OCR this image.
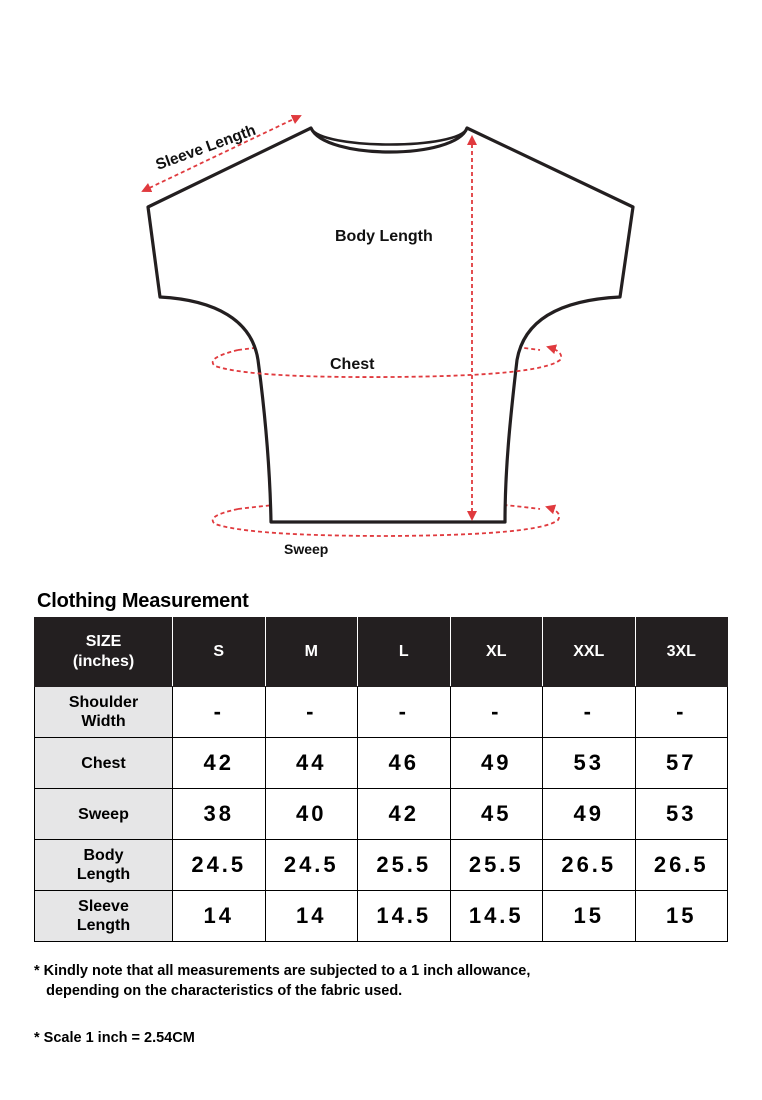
Sleeve Length
Body Length
Chest
Sweep
Clothing Measurement
SIZE
(inches)	S	M	L	XL	XXL	3XL
Shoulder
Width	-	-	-	-	-	-
Chest	42	44	46	49	53	57
Sweep	38	40	42	45	49	53
Body
Length	24.5	24.5	25.5	25.5	26.5	26.5
Sleeve
Length	14	14	14.5	14.5	15	15
* Kindly note that all measurements are subjected to a 1 inch allowance,
depending on the characteristics of the fabric used.
* Scale 1 inch = 2.54CM
